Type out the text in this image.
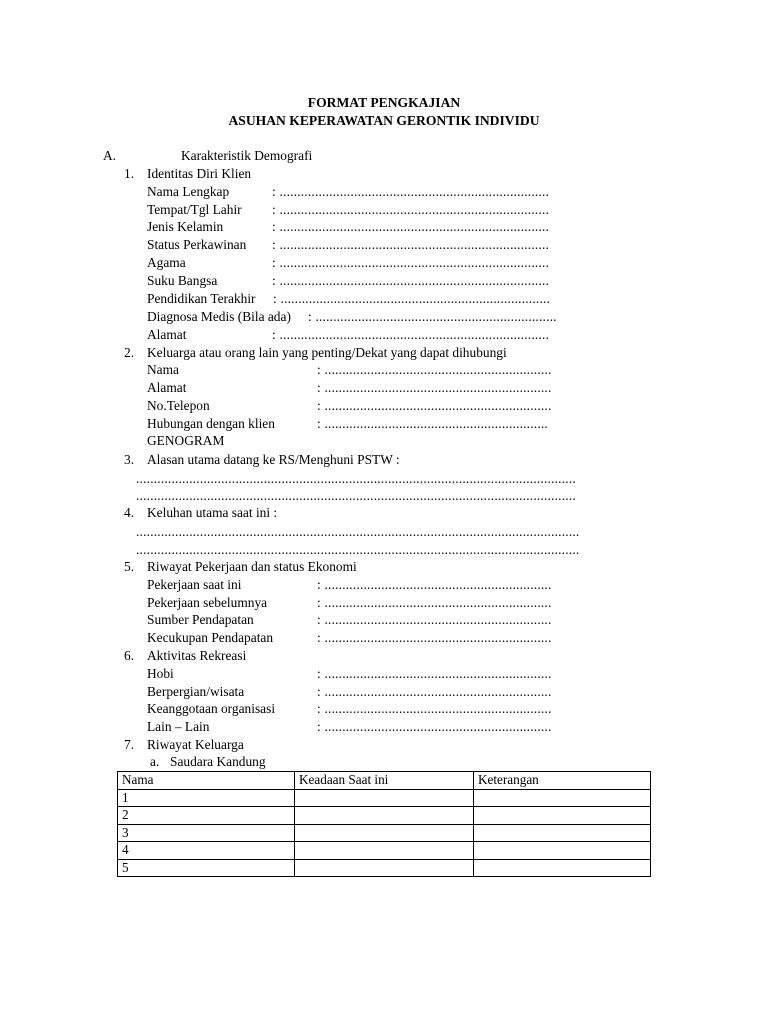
FORMAT PENGKAJIAN
ASUHAN KEPERAWATAN GERONTIK INDIVIDU
A.	Karakteristik Demografi
1. Identitas Diri Klien
Nama Lengkap	: ............................................................................
Tempat/Tgl Lahir : ............................................................................
Jenis Kelamin	: ............................................................................
Status Perkawinan : ............................................................................
Agama	: ............................................................................
Suku Bangsa	: ............................................................................
Pendidikan Terakhir : ............................................................................
Diagnosa Medis (Bila ada) : ....................................................................
Alamat	: ............................................................................
2. Keluarga atau orang lain yang penting/Dekat yang dapat dihubungi
Nama	: ................................................................
Alamat	: ................................................................
No.Telepon	: ................................................................
Hubungan dengan klien	: ...............................................................
GENOGRAM
3. Alasan utama datang ke RS/Menghuni PSTW :
............................................................................................................................
............................................................................................................................
4. Keluhan utama saat ini :
.............................................................................................................................
.............................................................................................................................
5. Riwayat Pekerjaan dan status Ekonomi
Pekerjaan saat ini	: ................................................................
Pekerjaan sebelumnya	: ................................................................
Sumber Pendapatan	: ................................................................
Kecukupan Pendapatan	: ................................................................
6. Aktivitas Rekreasi
Hobi	: ................................................................
Berpergian/wisata	: ................................................................
Keanggotaan organisasi	: ................................................................
Lain – Lain	: ................................................................
7. Riwayat Keluarga
a. Saudara Kandung
Nama	Keadaan Saat ini	Keterangan
1		
2		
3		
4		
5		
